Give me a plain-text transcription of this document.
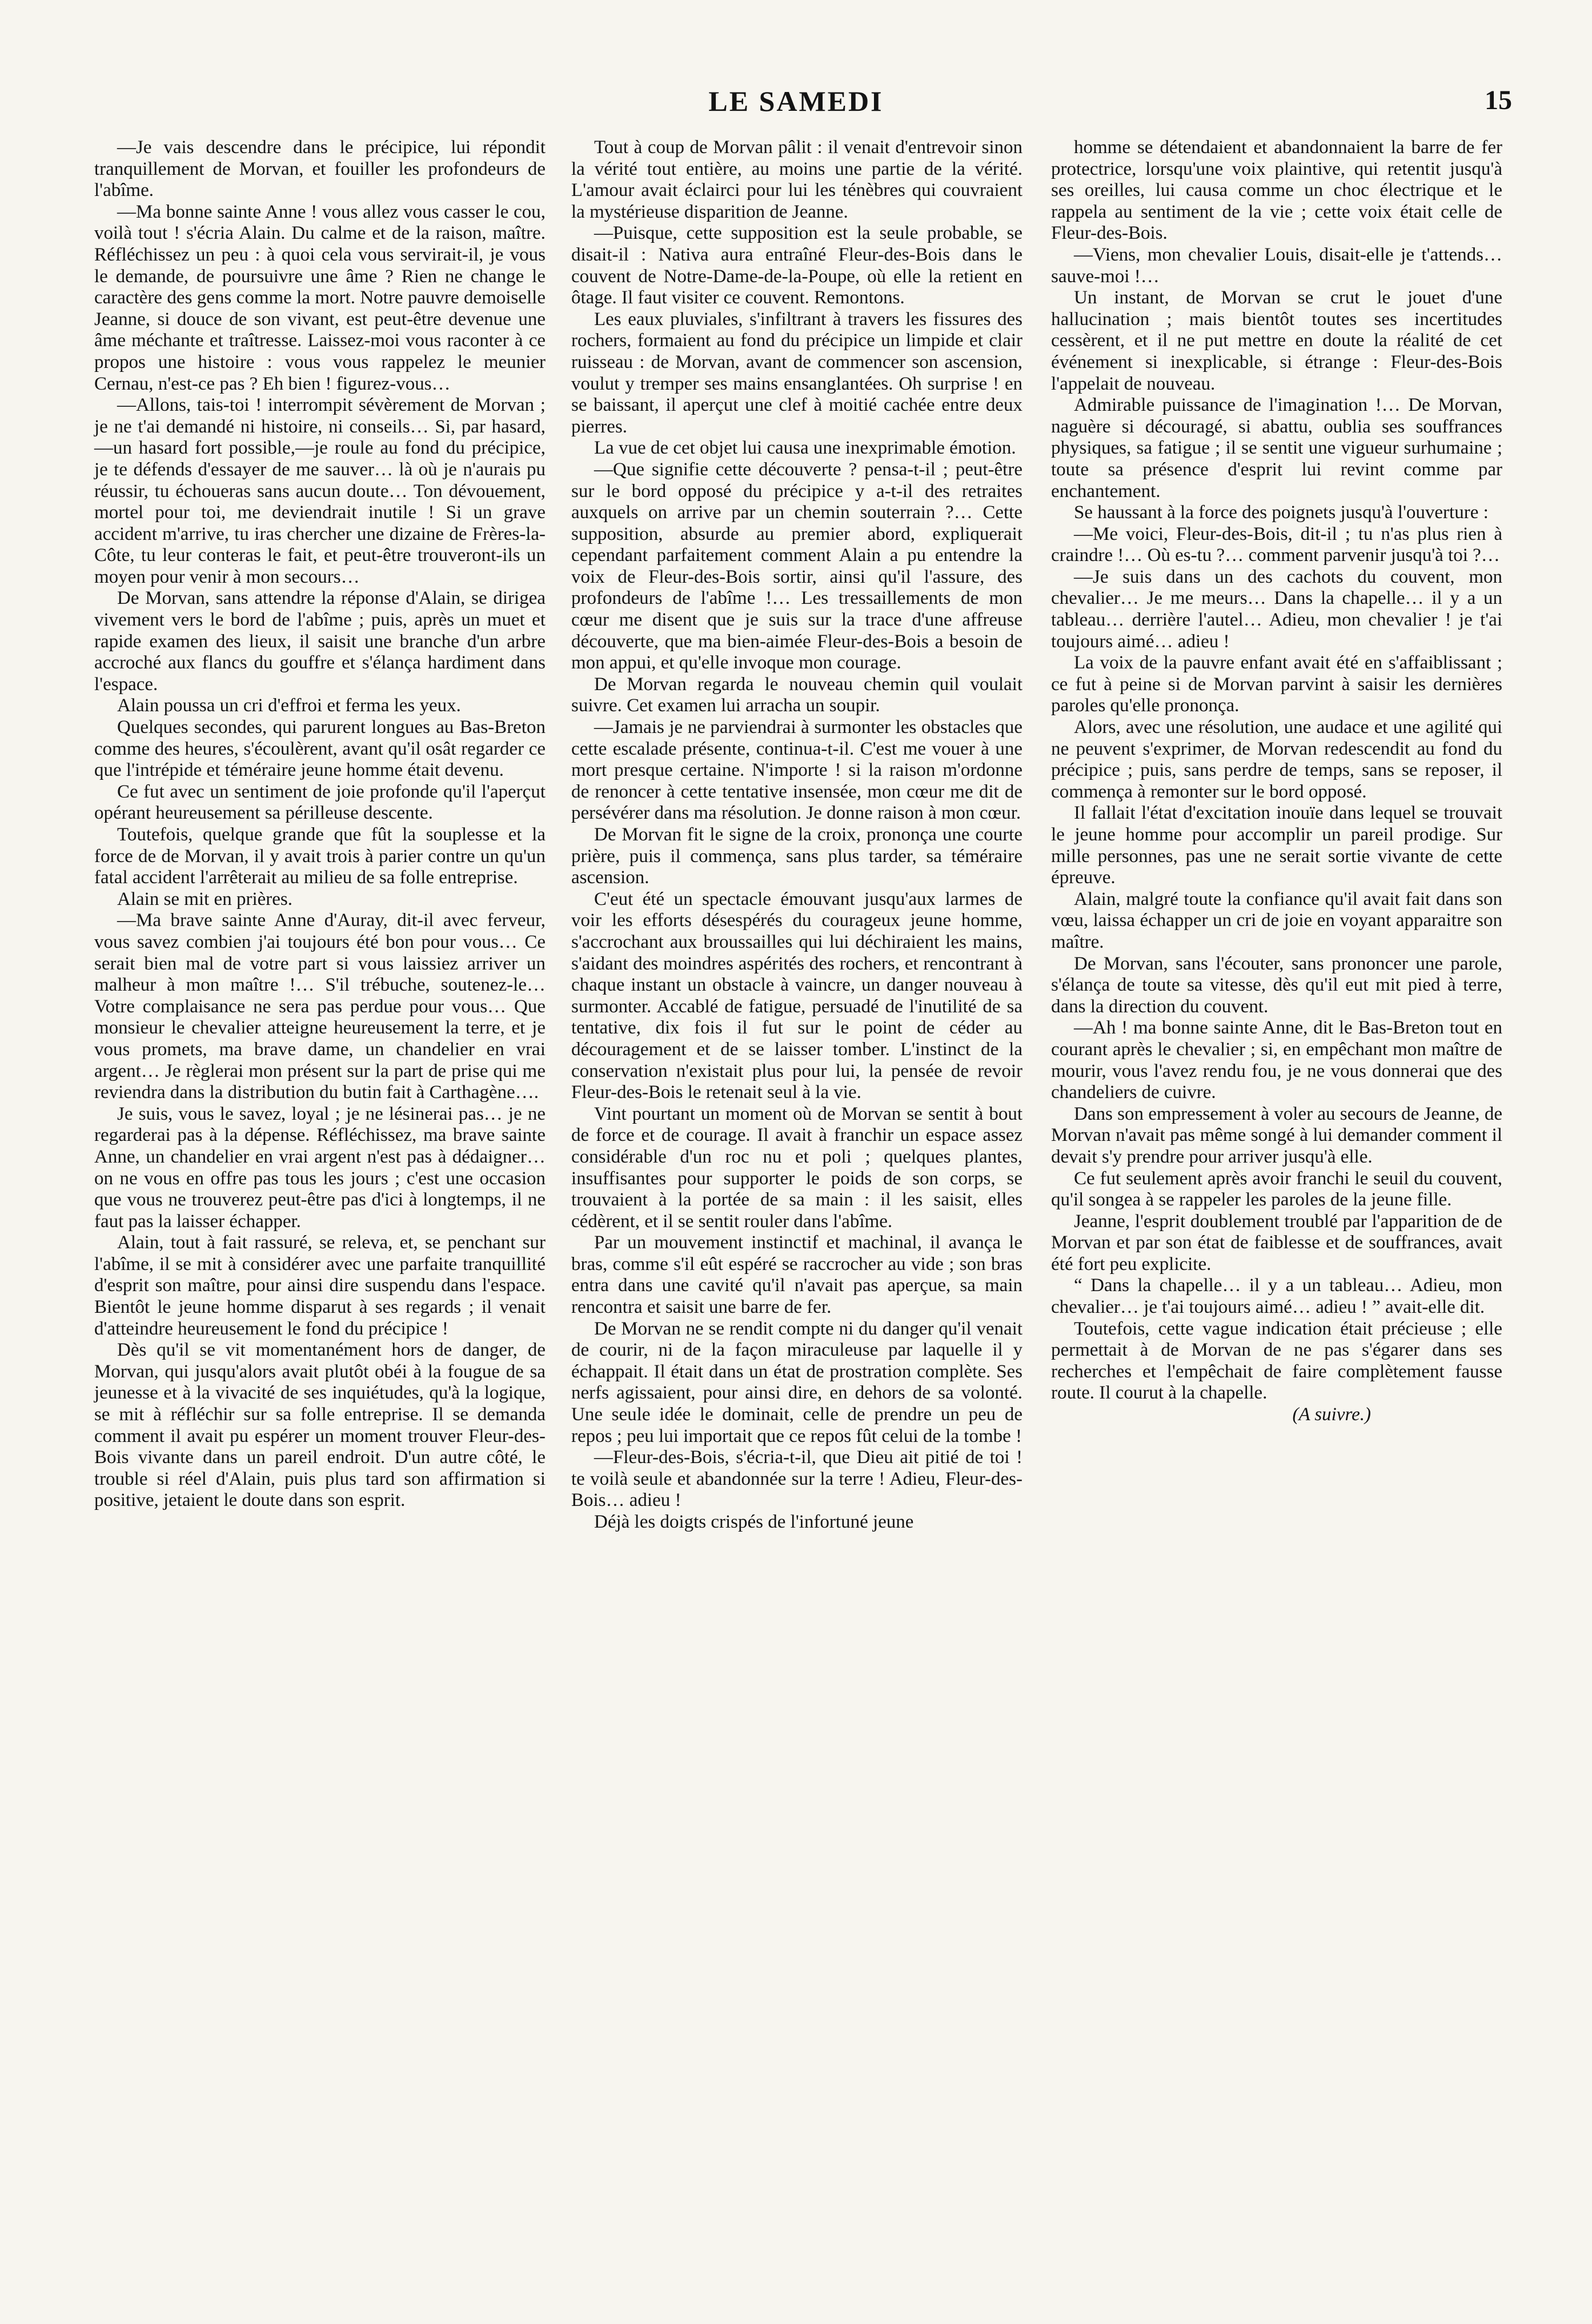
LE SAMEDI	15

—Je vais descendre dans le précipice, lui répondit tranquillement de Morvan, et fouiller les profondeurs de l'abîme.

—Ma bonne sainte Anne ! vous allez vous casser le cou, voilà tout ! s'écria Alain. Du calme et de la raison, maître. Réfléchissez un peu : à quoi cela vous servirait-il, je vous le demande, de poursuivre une âme ? Rien ne change le caractère des gens comme la mort. Notre pauvre demoiselle Jeanne, si douce de son vivant, est peut-être devenue une âme méchante et traîtresse. Laissez-moi vous raconter à ce propos une histoire : vous vous rappelez le meunier Cernau, n'est-ce pas ? Eh bien ! figurez-vous…

—Allons, tais-toi ! interrompit sévèrement de Morvan ; je ne t'ai demandé ni histoire, ni conseils… Si, par hasard,—un hasard fort possible,—je roule au fond du précipice, je te défends d'essayer de me sauver… là où je n'aurais pu réussir, tu échoueras sans aucun doute… Ton dévouement, mortel pour toi, me deviendrait inutile ! Si un grave accident m'arrive, tu iras chercher une dizaine de Frères-la-Côte, tu leur conteras le fait, et peut-être trouveront-ils un moyen pour venir à mon secours…

De Morvan, sans attendre la réponse d'Alain, se dirigea vivement vers le bord de l'abîme ; puis, après un muet et rapide examen des lieux, il saisit une branche d'un arbre accroché aux flancs du gouffre et s'élança hardiment dans l'espace.

Alain poussa un cri d'effroi et ferma les yeux.

Quelques secondes, qui parurent longues au Bas-Breton comme des heures, s'écoulèrent, avant qu'il osât regarder ce que l'intrépide et téméraire jeune homme était devenu.

Ce fut avec un sentiment de joie profonde qu'il l'aperçut opérant heureusement sa périlleuse descente.

Toutefois, quelque grande que fût la souplesse et la force de de Morvan, il y avait trois à parier contre un qu'un fatal accident l'arrêterait au milieu de sa folle entreprise.

Alain se mit en prières.

—Ma brave sainte Anne d'Auray, dit-il avec ferveur, vous savez combien j'ai toujours été bon pour vous… Ce serait bien mal de votre part si vous laissiez arriver un malheur à mon maître !… S'il trébuche, soutenez-le… Votre complaisance ne sera pas perdue pour vous… Que monsieur le chevalier atteigne heureusement la terre, et je vous promets, ma brave dame, un chandelier en vrai argent… Je règlerai mon présent sur la part de prise qui me reviendra dans la distribution du butin fait à Carthagène….

Je suis, vous le savez, loyal ; je ne lésinerai pas… je ne regarderai pas à la dépense. Réfléchissez, ma brave sainte Anne, un chandelier en vrai argent n'est pas à dédaigner… on ne vous en offre pas tous les jours ; c'est une occasion que vous ne trouverez peut-être pas d'ici à longtemps, il ne faut pas la laisser échapper.

Alain, tout à fait rassuré, se releva, et, se penchant sur l'abîme, il se mit à considérer avec une parfaite tranquillité d'esprit son maître, pour ainsi dire suspendu dans l'espace. Bientôt le jeune homme disparut à ses regards ; il venait d'atteindre heureusement le fond du précipice !

Dès qu'il se vit momentanément hors de danger, de Morvan, qui jusqu'alors avait plutôt obéi à la fougue de sa jeunesse et à la vivacité de ses inquiétudes, qu'à la logique, se mit à réfléchir sur sa folle entreprise. Il se demanda comment il avait pu espérer un moment trouver Fleur-des-Bois vivante dans un pareil endroit. D'un autre côté, le trouble si réel d'Alain, puis plus tard son affirmation si positive, jetaient le doute dans son esprit.

Tout à coup de Morvan pâlit : il venait d'entrevoir sinon la vérité tout entière, au moins une partie de la vérité. L'amour avait éclairci pour lui les ténèbres qui couvraient la mystérieuse disparition de Jeanne.

—Puisque, cette supposition est la seule probable, se disait-il : Nativa aura entraîné Fleur-des-Bois dans le couvent de Notre-Dame-de-la-Poupe, où elle la retient en ôtage. Il faut visiter ce couvent. Remontons.

Les eaux pluviales, s'infiltrant à travers les fissures des rochers, formaient au fond du précipice un limpide et clair ruisseau : de Morvan, avant de commencer son ascension, voulut y tremper ses mains ensanglantées. Oh surprise ! en se baissant, il aperçut une clef à moitié cachée entre deux pierres.

La vue de cet objet lui causa une inexprimable émotion.

—Que signifie cette découverte ? pensa-t-il ; peut-être sur le bord opposé du précipice y a-t-il des retraites auxquels on arrive par un chemin souterrain ?… Cette supposition, absurde au premier abord, expliquerait cependant parfaitement comment Alain a pu entendre la voix de Fleur-des-Bois sortir, ainsi qu'il l'assure, des profondeurs de l'abîme !… Les tressaillements de mon cœur me disent que je suis sur la trace d'une affreuse découverte, que ma bien-aimée Fleur-des-Bois a besoin de mon appui, et qu'elle invoque mon courage.

De Morvan regarda le nouveau chemin quil voulait suivre. Cet examen lui arracha un soupir.

—Jamais je ne parviendrai à surmonter les obstacles que cette escalade présente, continua-t-il. C'est me vouer à une mort presque certaine. N'importe ! si la raison m'ordonne de renoncer à cette tentative insensée, mon cœur me dit de persévérer dans ma résolution. Je donne raison à mon cœur.

De Morvan fit le signe de la croix, prononça une courte prière, puis il commença, sans plus tarder, sa téméraire ascension.

C'eut été un spectacle émouvant jusqu'aux larmes de voir les efforts désespérés du courageux jeune homme, s'accrochant aux broussailles qui lui déchiraient les mains, s'aidant des moindres aspérités des rochers, et rencontrant à chaque instant un obstacle à vaincre, un danger nouveau à surmonter. Accablé de fatigue, persuadé de l'inutilité de sa tentative, dix fois il fut sur le point de céder au découragement et de se laisser tomber. L'instinct de la conservation n'existait plus pour lui, la pensée de revoir Fleur-des-Bois le retenait seul à la vie.

Vint pourtant un moment où de Morvan se sentit à bout de force et de courage. Il avait à franchir un espace assez considérable d'un roc nu et poli ; quelques plantes, insuffisantes pour supporter le poids de son corps, se trouvaient à la portée de sa main : il les saisit, elles cédèrent, et il se sentit rouler dans l'abîme.

Par un mouvement instinctif et machinal, il avança le bras, comme s'il eût espéré se raccrocher au vide ; son bras entra dans une cavité qu'il n'avait pas aperçue, sa main rencontra et saisit une barre de fer.

De Morvan ne se rendit compte ni du danger qu'il venait de courir, ni de la façon miraculeuse par laquelle il y échappait. Il était dans un état de prostration complète. Ses nerfs agissaient, pour ainsi dire, en dehors de sa volonté. Une seule idée le dominait, celle de prendre un peu de repos ; peu lui importait que ce repos fût celui de la tombe !

—Fleur-des-Bois, s'écria-t-il, que Dieu ait pitié de toi ! te voilà seule et abandonnée sur la terre ! Adieu, Fleur-des-Bois… adieu !

Déjà les doigts crispés de l'infortuné jeune

homme se détendaient et abandonnaient la barre de fer protectrice, lorsqu'une voix plaintive, qui retentit jusqu'à ses oreilles, lui causa comme un choc électrique et le rappela au sentiment de la vie ; cette voix était celle de Fleur-des-Bois.

—Viens, mon chevalier Louis, disait-elle je t'attends… sauve-moi !…

Un instant, de Morvan se crut le jouet d'une hallucination ; mais bientôt toutes ses incertitudes cessèrent, et il ne put mettre en doute la réalité de cet événement si inexplicable, si étrange : Fleur-des-Bois l'appelait de nouveau.

Admirable puissance de l'imagination !… De Morvan, naguère si découragé, si abattu, oublia ses souffrances physiques, sa fatigue ; il se sentit une vigueur surhumaine ; toute sa présence d'esprit lui revint comme par enchantement.

Se haussant à la force des poignets jusqu'à l'ouverture :

—Me voici, Fleur-des-Bois, dit-il ; tu n'as plus rien à craindre !… Où es-tu ?… comment parvenir jusqu'à toi ?…

—Je suis dans un des cachots du couvent, mon chevalier… Je me meurs… Dans la chapelle… il y a un tableau… derrière l'autel… Adieu, mon chevalier ! je t'ai toujours aimé… adieu !

La voix de la pauvre enfant avait été en s'affaiblissant ; ce fut à peine si de Morvan parvint à saisir les dernières paroles qu'elle prononça.

Alors, avec une résolution, une audace et une agilité qui ne peuvent s'exprimer, de Morvan redescendit au fond du précipice ; puis, sans perdre de temps, sans se reposer, il commença à remonter sur le bord opposé.

Il fallait l'état d'excitation inouïe dans lequel se trouvait le jeune homme pour accomplir un pareil prodige. Sur mille personnes, pas une ne serait sortie vivante de cette épreuve.

Alain, malgré toute la confiance qu'il avait fait dans son vœu, laissa échapper un cri de joie en voyant apparaitre son maître.

De Morvan, sans l'écouter, sans prononcer une parole, s'élança de toute sa vitesse, dès qu'il eut mit pied à terre, dans la direction du couvent.

—Ah ! ma bonne sainte Anne, dit le Bas-Breton tout en courant après le chevalier ; si, en empêchant mon maître de mourir, vous l'avez rendu fou, je ne vous donnerai que des chandeliers de cuivre.

Dans son empressement à voler au secours de Jeanne, de Morvan n'avait pas même songé à lui demander comment il devait s'y prendre pour arriver jusqu'à elle.

Ce fut seulement après avoir franchi le seuil du couvent, qu'il songea à se rappeler les paroles de la jeune fille.

Jeanne, l'esprit doublement troublé par l'apparition de de Morvan et par son état de faiblesse et de souffrances, avait été fort peu explicite.

“ Dans la chapelle… il y a un tableau… Adieu, mon chevalier… je t'ai toujours aimé… adieu ! ” avait-elle dit.

Toutefois, cette vague indication était précieuse ; elle permettait à de Morvan de ne pas s'égarer dans ses recherches et l'empêchait de faire complètement fausse route. Il courut à la chapelle.

(A suivre.)
